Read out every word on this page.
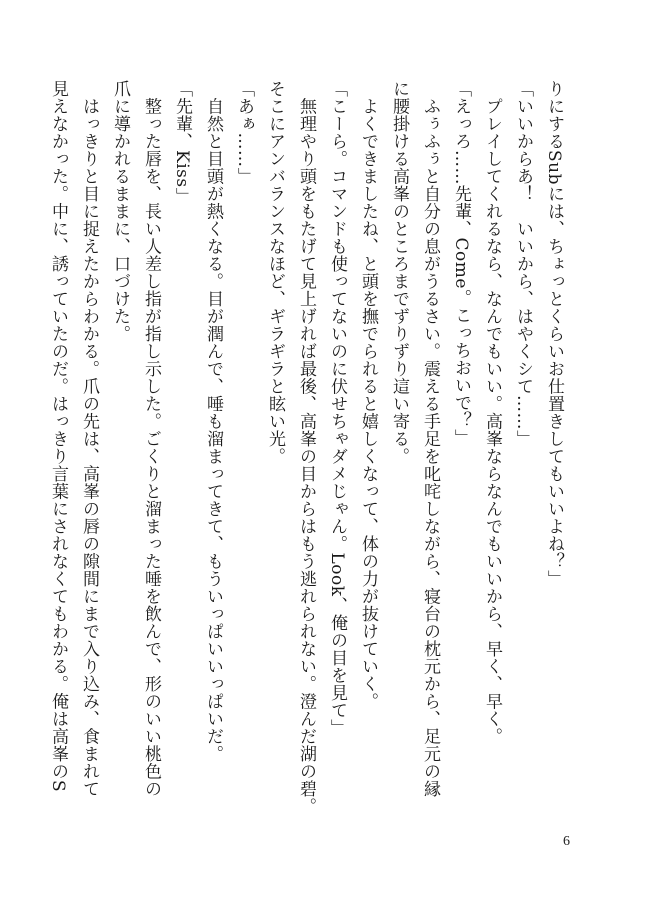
りにするSubには、ちょっとくらいお仕置きしてもいいよね？」
「いいからあ！　いいから、はやくシて……」
　プレイしてくれるなら、なんでもいい。高峯ならなんでもいいから、早く、早く。
「えっろ……先輩、Come。こっちおいで？」
　ふぅふぅと自分の息がうるさい。震える手足を叱咤しながら、寝台の枕元から、足元の縁
に腰掛ける高峯のところまでずりずり這い寄る。
　よくできましたね、と頭を撫でられると嬉しくなって、体の力が抜けていく。
「こーら。コマンドも使ってないのに伏せちゃダメじゃん。Look、俺の目を見て」
　無理やり頭をもたげて見上げれば最後、高峯の目からはもう逃れられない。澄んだ湖の碧。
そこにアンバランスなほど、ギラギラと眩い光。
「あぁ……」
　自然と目頭が熱くなる。目が潤んで、唾も溜まってきて、もういっぱいいっぱいだ。
「先輩、Kiss」
　整った唇を、長い人差し指が指し示した。ごくりと溜まった唾を飲んで、形のいい桃色の
爪に導かれるままに、口づけた。
　はっきりと目に捉えたからわかる。爪の先は、高峯の唇の隙間にまで入り込み、食まれて
見えなかった。中に、誘っていたのだ。はっきり言葉にされなくてもわかる。俺は高峯のS
6
